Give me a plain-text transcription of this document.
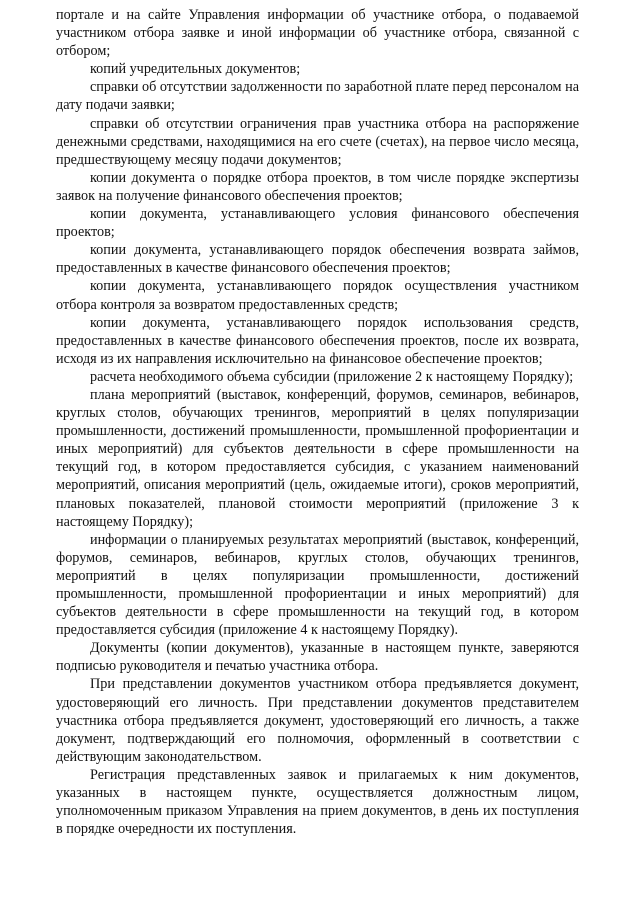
портале и на сайте Управления информации об участнике отбора, о подаваемой участником отбора заявке и иной информации об участнике отбора, связанной с отбором;

копий учредительных документов;

справки об отсутствии задолженности по заработной плате перед персоналом на дату подачи заявки;

справки об отсутствии ограничения прав участника отбора на распоряжение денежными средствами, находящимися на его счете (счетах), на первое число месяца, предшествующему месяцу подачи документов;

копии документа о порядке отбора проектов, в том числе порядке экспертизы заявок на получение финансового обеспечения проектов;

копии документа, устанавливающего условия финансового обеспечения проектов;

копии документа, устанавливающего порядок обеспечения возврата займов, предоставленных в качестве финансового обеспечения проектов;

копии документа, устанавливающего порядок осуществления участником отбора контроля за возвратом предоставленных средств;

копии документа, устанавливающего порядок использования средств, предоставленных в качестве финансового обеспечения проектов, после их возврата, исходя из их направления исключительно на финансовое обеспечение проектов;

расчета необходимого объема субсидии (приложение 2 к настоящему Порядку);

плана мероприятий (выставок, конференций, форумов, семинаров, вебинаров, круглых столов, обучающих тренингов, мероприятий в целях популяризации промышленности, достижений промышленности, промышленной профориентации и иных мероприятий) для субъектов деятельности в сфере промышленности на текущий год, в котором предоставляется субсидия, с указанием наименований мероприятий, описания мероприятий (цель, ожидаемые итоги), сроков мероприятий, плановых показателей, плановой стоимости мероприятий (приложение 3 к настоящему Порядку);

информации о планируемых результатах мероприятий (выставок, конференций, форумов, семинаров, вебинаров, круглых столов, обучающих тренингов, мероприятий в целях популяризации промышленности, достижений промышленности, промышленной профориентации и иных мероприятий) для субъектов деятельности в сфере промышленности на текущий год, в котором предоставляется субсидия (приложение 4 к настоящему Порядку).

Документы (копии документов), указанные в настоящем пункте, заверяются подписью руководителя и печатью участника отбора.

При представлении документов участником отбора предъявляется документ, удостоверяющий его личность. При представлении документов представителем участника отбора предъявляется документ, удостоверяющий его личность, а также документ, подтверждающий его полномочия, оформленный в соответствии с действующим законодательством.

Регистрация представленных заявок и прилагаемых к ним документов, указанных в настоящем пункте, осуществляется должностным лицом, уполномоченным приказом Управления на прием документов, в день их поступления в порядке очередности их поступления.
